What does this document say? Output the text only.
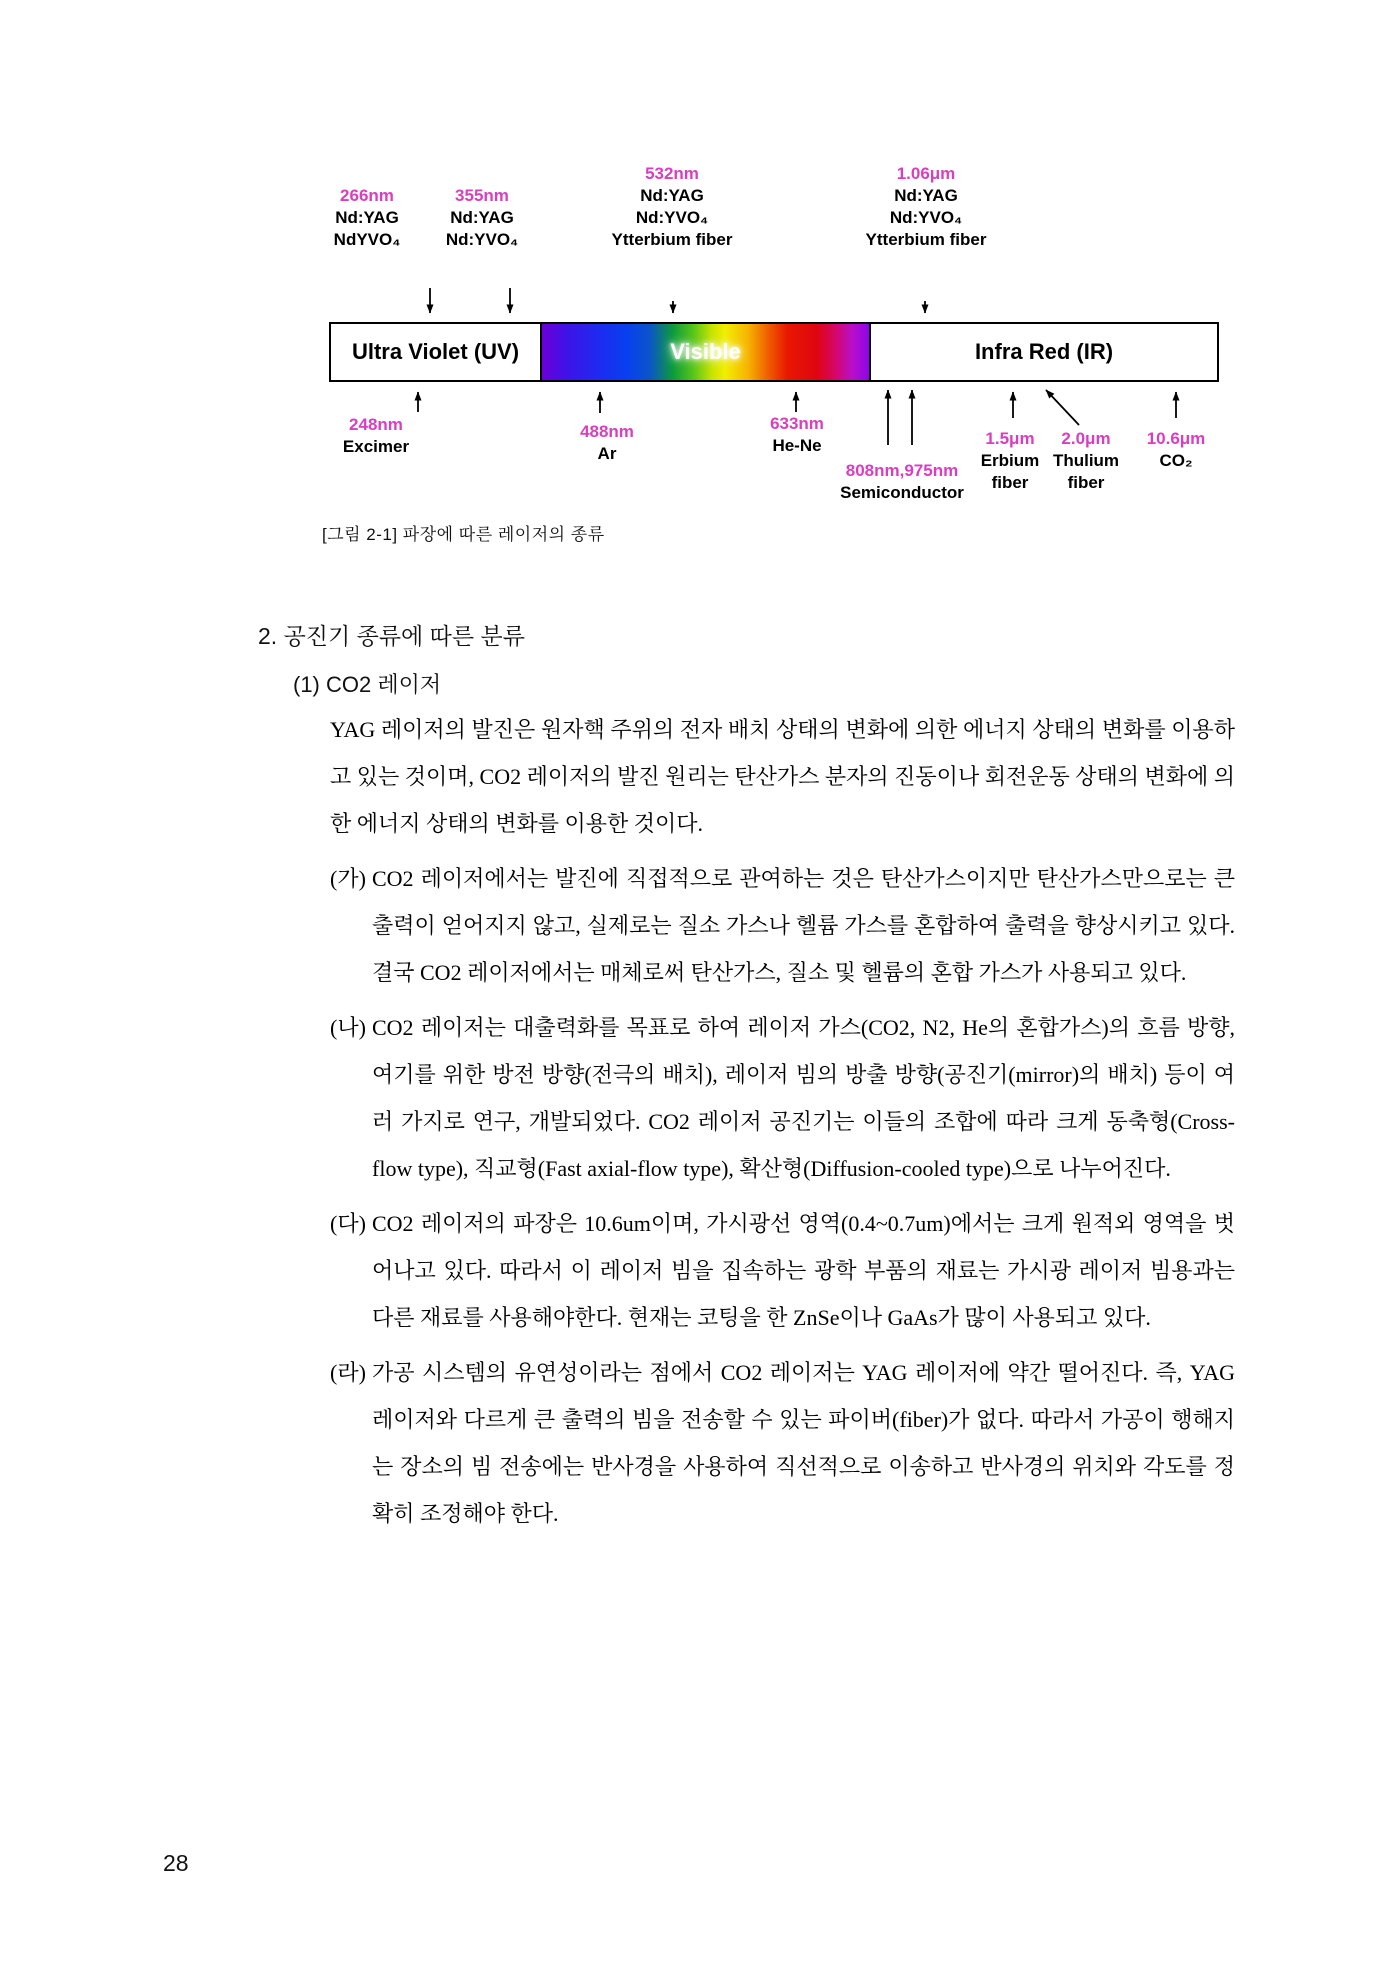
Ultra Violet (UV)	Visible	Infra Red (IR)
266nm
Nd:YAG
NdYVO₄
355nm
Nd:YAG
Nd:YVO₄
532nm
Nd:YAG
Nd:YVO₄
Ytterbium fiber
1.06μm
Nd:YAG
Nd:YVO₄
Ytterbium fiber
248nm
Excimer
488nm
Ar
633nm
He-Ne
808nm,975nm
Semiconductor
1.5μm
Erbium
fiber
2.0μm
Thulium
fiber
10.6μm
CO₂
[그림 2-1] 파장에 따른 레이저의 종류
2. 공진기 종류에 따른 분류
(1) CO2 레이저
YAG 레이저의 발진은 원자핵 주위의 전자 배치 상태의 변화에 의한 에너지 상태의 변화를 이용하고 있는 것이며, CO2 레이저의 발진 원리는 탄산가스 분자의 진동이나 회전운동 상태의 변화에 의한 에너지 상태의 변화를 이용한 것이다.
(가) CO2 레이저에서는 발진에 직접적으로 관여하는 것은 탄산가스이지만 탄산가스만으로는 큰 출력이 얻어지지 않고, 실제로는 질소 가스나 헬륨 가스를 혼합하여 출력을 향상시키고 있다. 결국 CO2 레이저에서는 매체로써 탄산가스, 질소 및 헬륨의 혼합 가스가 사용되고 있다.
(나) CO2 레이저는 대출력화를 목표로 하여 레이저 가스(CO2, N2, He의 혼합가스)의 흐름 방향, 여기를 위한 방전 방향(전극의 배치), 레이저 빔의 방출 방향(공진기(mirror)의 배치) 등이 여러 가지로 연구, 개발되었다. CO2 레이저 공진기는 이들의 조합에 따라 크게 동축형(Cross-flow type), 직교형(Fast axial-flow type), 확산형(Diffusion-cooled type)으로 나누어진다.
(다) CO2 레이저의 파장은 10.6um이며, 가시광선 영역(0.4~0.7um)에서는 크게 원적외 영역을 벗어나고 있다. 따라서 이 레이저 빔을 집속하는 광학 부품의 재료는 가시광 레이저 빔용과는 다른 재료를 사용해야한다. 현재는 코팅을 한 ZnSe이나 GaAs가 많이 사용되고 있다.
(라) 가공 시스템의 유연성이라는 점에서 CO2 레이저는 YAG 레이저에 약간 떨어진다. 즉, YAG 레이저와 다르게 큰 출력의 빔을 전송할 수 있는 파이버(fiber)가 없다. 따라서 가공이 행해지는 장소의 빔 전송에는 반사경을 사용하여 직선적으로 이송하고 반사경의 위치와 각도를 정확히 조정해야 한다.
28
